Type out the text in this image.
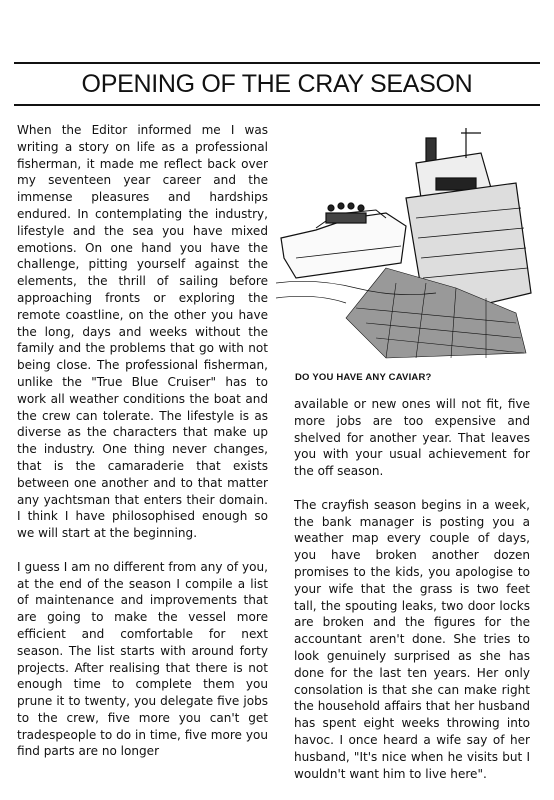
OPENING OF THE CRAY SEASON

When the Editor informed me I was writing a story on life as a professional fisherman, it made me reflect back over my seventeen year career and the immense pleasures and hardships endured. In contemplating the industry, lifestyle and the sea you have mixed emotions. On one hand you have the challenge, pitting yourself against the elements, the thrill of sailing before approaching fronts or exploring the remote coastline, on the other you have the long, days and weeks without the family and the problems that go with not being close. The professional fisherman, unlike the "True Blue Cruiser" has to work all weather conditions the boat and the crew can tolerate. The lifestyle is as diverse as the characters that make up the industry. One thing never changes, that is the camaraderie that exists between one another and to that matter any yachtsman that enters their domain. I think I have philosophised enough so we will start at the beginning.

I guess I am no different from any of you, at the end of the season I compile a list of maintenance and improvements that are going to make the vessel more efficient and comfortable for next season. The list starts with around forty projects. After realising that there is not enough time to complete them you prune it to twenty, you delegate five jobs to the crew, five more you can't get tradespeople to do in time, five more you find parts are no longer

DO YOU HAVE ANY CAVIAR?

available or new ones will not fit, five more jobs are too expensive and shelved for another year. That leaves you with your usual achievement for the off season.

The crayfish season begins in a week, the bank manager is posting you a weather map every couple of days, you have broken another dozen promises to the kids, you apologise to your wife that the grass is two feet tall, the spouting leaks, two door locks are broken and the figures for the accountant aren't done. She tries to look genuinely surprised as she has done for the last ten years. Her only consolation is that she can make right the household affairs that her husband has spent eight weeks throwing into havoc. I once heard a wife say of her husband, "It's nice when he visits but I wouldn't want him to live here".
